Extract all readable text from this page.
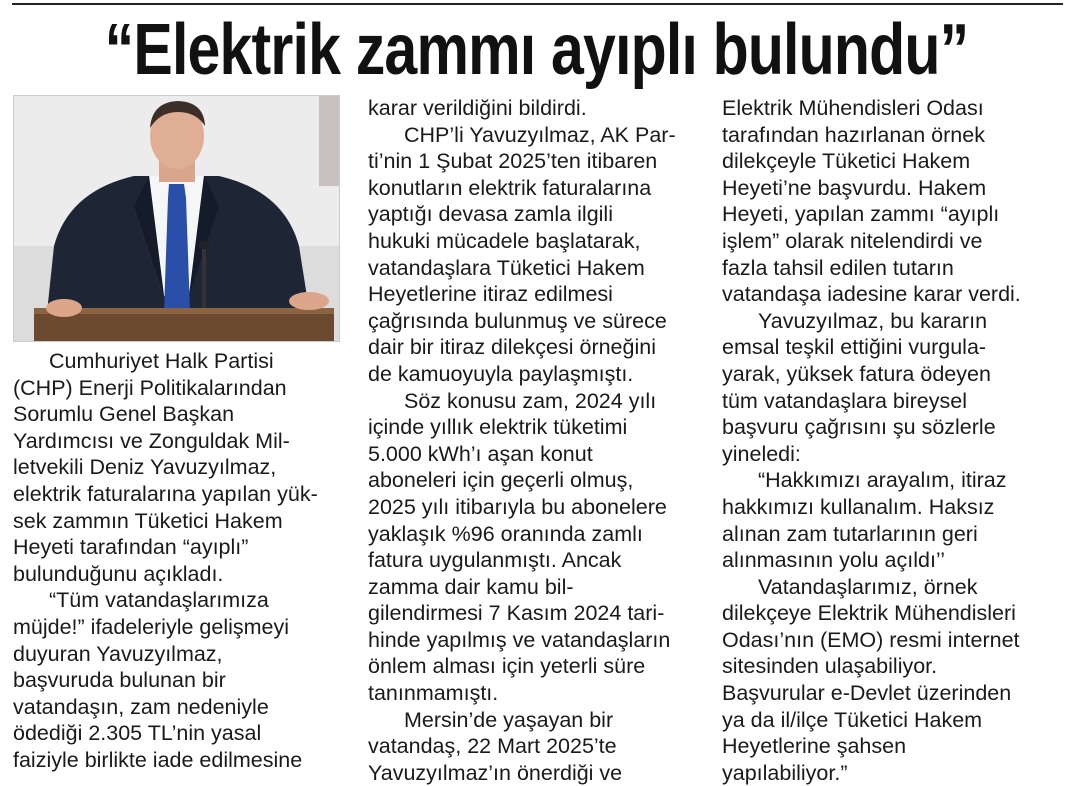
“Elektrik zammı ayıplı bulundu”

Cumhuriyet Halk Partisi
(CHP) Enerji Politikalarından
Sorumlu Genel Başkan
Yardımcısı ve Zonguldak Mil-
letvekili Deniz Yavuzyılmaz,
elektrik faturalarına yapılan yük-
sek zammın Tüketici Hakem
Heyeti tarafından “ayıplı”
bulunduğunu açıkladı.

“Tüm vatandaşlarımıza
müjde!” ifadeleriyle gelişmeyi
duyuran Yavuzyılmaz,
başvuruda bulunan bir
vatandaşın, zam nedeniyle
ödediği 2.305 TL’nin yasal
faiziyle birlikte iade edilmesine

karar verildiğini bildirdi.

CHP’li Yavuzyılmaz, AK Par-
ti’nin 1 Şubat 2025’ten itibaren
konutların elektrik faturalarına
yaptığı devasa zamla ilgili
hukuki mücadele başlatarak,
vatandaşlara Tüketici Hakem
Heyetlerine itiraz edilmesi
çağrısında bulunmuş ve sürece
dair bir itiraz dilekçesi örneğini
de kamuoyuyla paylaşmıştı.

Söz konusu zam, 2024 yılı
içinde yıllık elektrik tüketimi
5.000 kWh’ı aşan konut
aboneleri için geçerli olmuş,
2025 yılı itibarıyla bu abonelere
yaklaşık %96 oranında zamlı
fatura uygulanmıştı. Ancak
zamma dair kamu bil-
gilendirmesi 7 Kasım 2024 tari-
hinde yapılmış ve vatandaşların
önlem alması için yeterli süre
tanınmamıştı.

Mersin’de yaşayan bir
vatandaş, 22 Mart 2025’te
Yavuzyılmaz’ın önerdiği ve

Elektrik Mühendisleri Odası
tarafından hazırlanan örnek
dilekçeyle Tüketici Hakem
Heyeti’ne başvurdu. Hakem
Heyeti, yapılan zammı “ayıplı
işlem” olarak nitelendirdi ve
fazla tahsil edilen tutarın
vatandaşa iadesine karar verdi.

Yavuzyılmaz, bu kararın
emsal teşkil ettiğini vurgula-
yarak, yüksek fatura ödeyen
tüm vatandaşlara bireysel
başvuru çağrısını şu sözlerle
yineledi:

“Hakkımızı arayalım, itiraz
hakkımızı kullanalım. Haksız
alınan zam tutarlarının geri
alınmasının yolu açıldı’’

Vatandaşlarımız, örnek
dilekçeye Elektrik Mühendisleri
Odası’nın (EMO) resmi internet
sitesinden ulaşabiliyor.
Başvurular e-Devlet üzerinden
ya da il/ilçe Tüketici Hakem
Heyetlerine şahsen
yapılabiliyor.”
